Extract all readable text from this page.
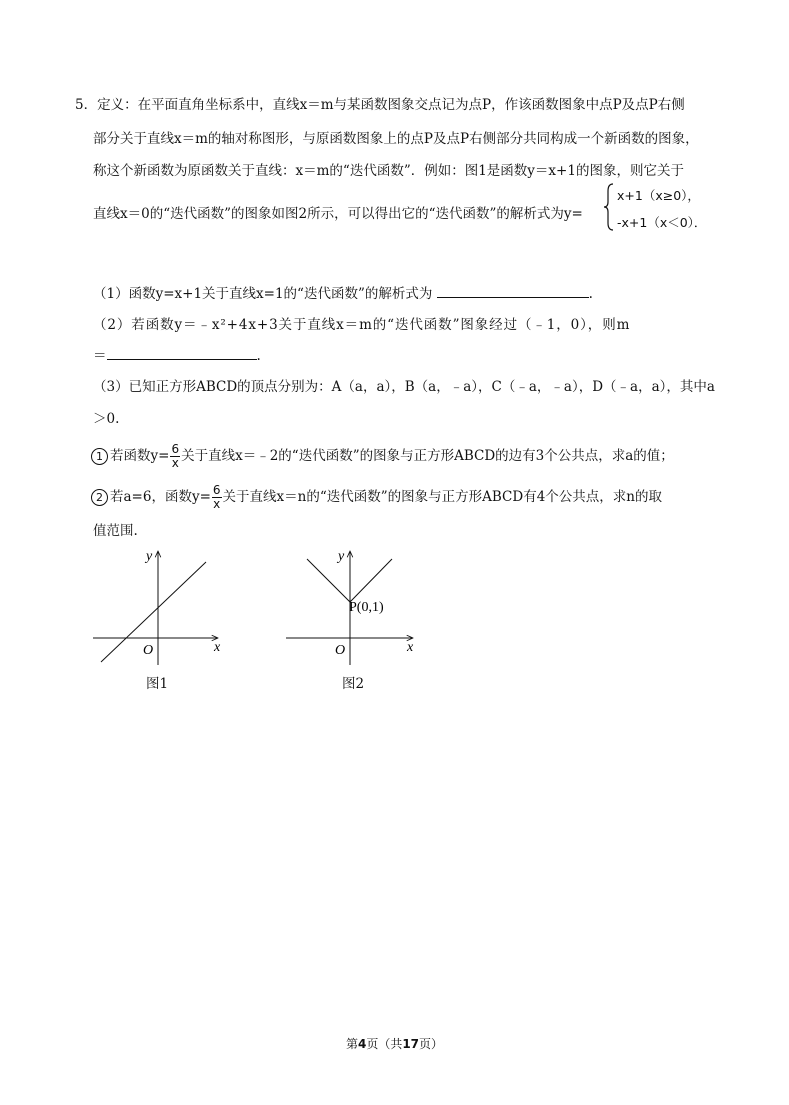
5．定义：在平面直角坐标系中，直线x＝m与某函数图象交点记为点P，作该函数图象中点P及点P右侧
部分关于直线x＝m的轴对称图形，与原函数图象上的点P及点P右侧部分共同构成一个新函数的图象，
称这个新函数为原函数关于直线：x＝m的“迭代函数”．例如：图1是函数y＝x+1的图象，则它关于
直线x＝0的“迭代函数”的图象如图2所示，可以得出它的“迭代函数”的解析式为y=
x+1（x≥0），
-x+1（x＜0）．
（1）函数y=x+1关于直线x=1的“迭代函数”的解析式为	.
（2）若函数y＝﹣x²+4x+3关于直线x＝m的“迭代函数”图象经过（﹣1，0），则m
＝	.
（3）已知正方形ABCD的顶点分别为：A（a，a），B（a，﹣a），C（﹣a，﹣a），D（﹣a，a），其中a
＞0.
1 若函数$y= \frac{6}{x}$ 关于直线x＝﹣2的“迭代函数”的图象与正方形ABCD的边有3个公共点，求a的值；
2 若a=6，函数$y= \frac{6}{x}$ 关于直线x＝n的“迭代函数”的图象与正方形ABCD有4个公共点，求n的取
值范围.
y
x
O
图1
y
x
O
P(0,1)
图2
第4页（共17页）
